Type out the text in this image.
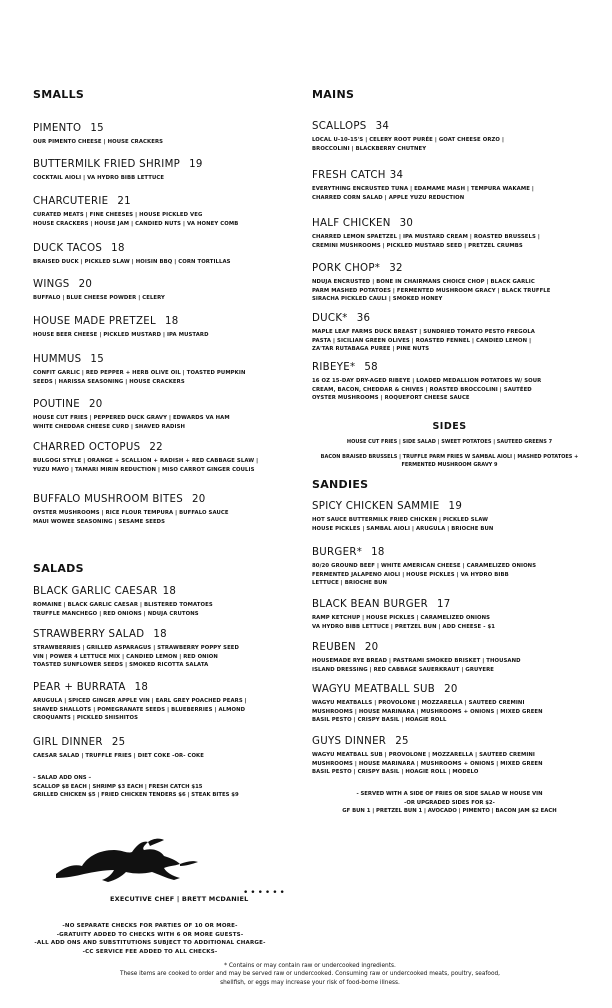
SMALLS
PIMENTO 15
OUR PIMENTO CHEESE | HOUSE CRACKERS
BUTTERMILK FRIED SHRIMP 19
COCKTAIL AIOLI | VA HYDRO BIBB LETTUCE
CHARCUTERIE 21
CURATED MEATS | FINE CHEESES | HOUSE PICKLED VEG
HOUSE CRACKERS | HOUSE JAM | CANDIED NUTS | VA HONEY COMB
DUCK TACOS 18
BRAISED DUCK | PICKLED SLAW | HOISIN BBQ | CORN TORTILLAS
WINGS 20
BUFFALO | BLUE CHEESE POWDER | CELERY
HOUSE MADE PRETZEL 18
HOUSE BEER CHEESE | PICKLED MUSTARD | IPA MUSTARD
HUMMUS 15
CONFIT GARLIC | RED PEPPER + HERB OLIVE OIL | TOASTED PUMPKIN
SEEDS | HARISSA SEASONING | HOUSE CRACKERS
POUTINE 20
HOUSE CUT FRIES | PEPPERED DUCK GRAVY | EDWARDS VA HAM
WHITE CHEDDAR CHEESE CURD | SHAVED RADISH
CHARRED OCTOPUS 22
BULGOGI STYLE | ORANGE + SCALLION + RADISH + RED CABBAGE SLAW |
YUZU MAYO | TAMARI MIRIN REDUCTION | MISO CARROT GINGER COULIS
BUFFALO MUSHROOM BITES 20
OYSTER MUSHROOMS | RICE FLOUR TEMPURA | BUFFALO SAUCE
MAUI WOWEE SEASONING | SESAME SEEDS
SALADS
BLACK GARLIC CAESAR 18
ROMAINE | BLACK GARLIC CAESAR | BLISTERED TOMATOES
TRUFFLE MANCHEGO | RED ONIONS | NDUJA CRUTONS
STRAWBERRY SALAD 18
STRAWBERRIES | GRILLED ASPARAGUS | STRAWBERRY POPPY SEED
VIN | POWER 4 LETTUCE MIX | CANDIED LEMON | RED ONION
TOASTED SUNFLOWER SEEDS | SMOKED RICOTTA SALATA
PEAR + BURRATA 18
ARUGULA | SPICED GINGER APPLE VIN | EARL GREY POACHED PEARS |
SHAVED SHALLOTS | POMEGRANATE SEEDS | BLUEBERRIES | ALMOND
CROQUANTS | PICKLED SHISHITOS
GIRL DINNER 25
CAESAR SALAD | TRUFFLE FRIES | DIET COKE -OR- COKE
– SALAD ADD ONS –
SCALLOP $8 EACH | SHRIMP $3 EACH | FRESH CATCH $15
GRILLED CHICKEN $5 | FRIED CHICKEN TENDERS $6 | STEAK BITES $9
MAINS
SCALLOPS 34
LOCAL U-10-15'S | CELERY ROOT PURÉE | GOAT CHEESE ORZO |
BROCCOLINI | BLACKBERRY CHUTNEY
FRESH CATCH 34
EVERYTHING ENCRUSTED TUNA | EDAMAME MASH | TEMPURA WAKAME |
CHARRED CORN SALAD | APPLE YUZU REDUCTION
HALF CHICKEN 30
CHARRED LEMON SPAETZEL | IPA MUSTARD CREAM | ROASTED BRUSSELS |
CREMINI MUSHROOMS | PICKLED MUSTARD SEED | PRETZEL CRUMBS
PORK CHOP* 32
NDUJA ENCRUSTED | BONE IN CHAIRMANS CHOICE CHOP | BLACK GARLIC
PARM MASHED POTATOES | FERMENTED MUSHROOM GRACY | BLACK TRUFFLE
SIRACHA PICKLED CAULI | SMOKED HONEY
DUCK* 36
MAPLE LEAF FARMS DUCK BREAST | SUNDRIED TOMATO PESTO FREGOLA
PASTA | SICILIAN GREEN OLIVES | ROASTED FENNEL | CANDIED LEMON |
ZA'TAR RUTABAGA PUREE | PINE NUTS
RIBEYE* 58
16 OZ 15-DAY DRY-AGED RIBEYE | LOADED MEDALLION POTATOES W/ SOUR
CREAM, BACON, CHEDDAR & CHIVES | ROASTED BROCCOLINI | SAUTÉED
OYSTER MUSHROOMS | ROQUEFORT CHEESE SAUCE
SIDES
HOUSE CUT FRIES | SIDE SALAD | SWEET POTATOES | SAUTEED GREENS 7
BACON BRAISED BRUSSELS | TRUFFLE PARM FRIES W SAMBAL AIOLI | MASHED POTATOES +
FERMENTED MUSHROOM GRAVY 9
SANDIES
SPICY CHICKEN SAMMIE 19
HOT SAUCE BUTTERMILK FRIED CHICKEN | PICKLED SLAW
HOUSE PICKLES | SAMBAL AIOLI | ARUGULA | BRIOCHE BUN
BURGER* 18
80/20 GROUND BEEF | WHITE AMERICAN CHEESE | CARAMELIZED ONIONS
FERMENTED JALAPENO AIOLI | HOUSE PICKLES | VA HYDRO BIBB
LETTUCE | BRIOCHE BUN
BLACK BEAN BURGER 17
RAMP KETCHUP | HOUSE PICKLES | CARAMELIZED ONIONS
VA HYDRO BIBB LETTUCE | PRETZEL BUN | ADD CHEESE - $1
REUBEN 20
HOUSEMADE RYE BREAD | PASTRAMI SMOKED BRISKET | THOUSAND
ISLAND DRESSING | RED CABBAGE SAUERKRAUT | GRUYERE
WAGYU MEATBALL SUB 20
WAGYU MEATBALLS | PROVOLONE | MOZZARELLA | SAUTEED CREMINI
MUSHROOMS | HOUSE MARINARA | MUSHROOMS + ONIONS | MIXED GREEN
BASIL PESTO | CRISPY BASIL | HOAGIE ROLL
GUYS DINNER 25
WAGYU MEATBALL SUB | PROVOLONE | MOZZARELLA | SAUTEED CREMINI
MUSHROOMS | HOUSE MARINARA | MUSHROOMS + ONIONS | MIXED GREEN
BASIL PESTO | CRISPY BASIL | HOAGIE ROLL | MODELO
- SERVED WITH A SIDE OF FRIES OR SIDE SALAD W HOUSE VIN
-OR UPGRADED SIDES FOR $2-
GF BUN 1 | PRETZEL BUN 1 | AVOCADO | PIMENTO | BACON JAM $2 EACH
••••••
EXECUTIVE CHEF | BRETT MCDANIEL
-NO SEPARATE CHECKS FOR PARTIES OF 10 OR MORE-
-GRATUITY ADDED TO CHECKS WITH 6 OR MORE GUESTS-
-ALL ADD ONS AND SUBSTITUTIONS SUBJECT TO ADDITIONAL CHARGE-
-CC SERVICE FEE ADDED TO ALL CHECKS-
* Contains or may contain raw or undercooked ingredients.
These items are cooked to order and may be served raw or undercooked. Consuming raw or undercooked meats, poultry, seafood,
shellfish, or eggs may increase your risk of food-borne illness.
